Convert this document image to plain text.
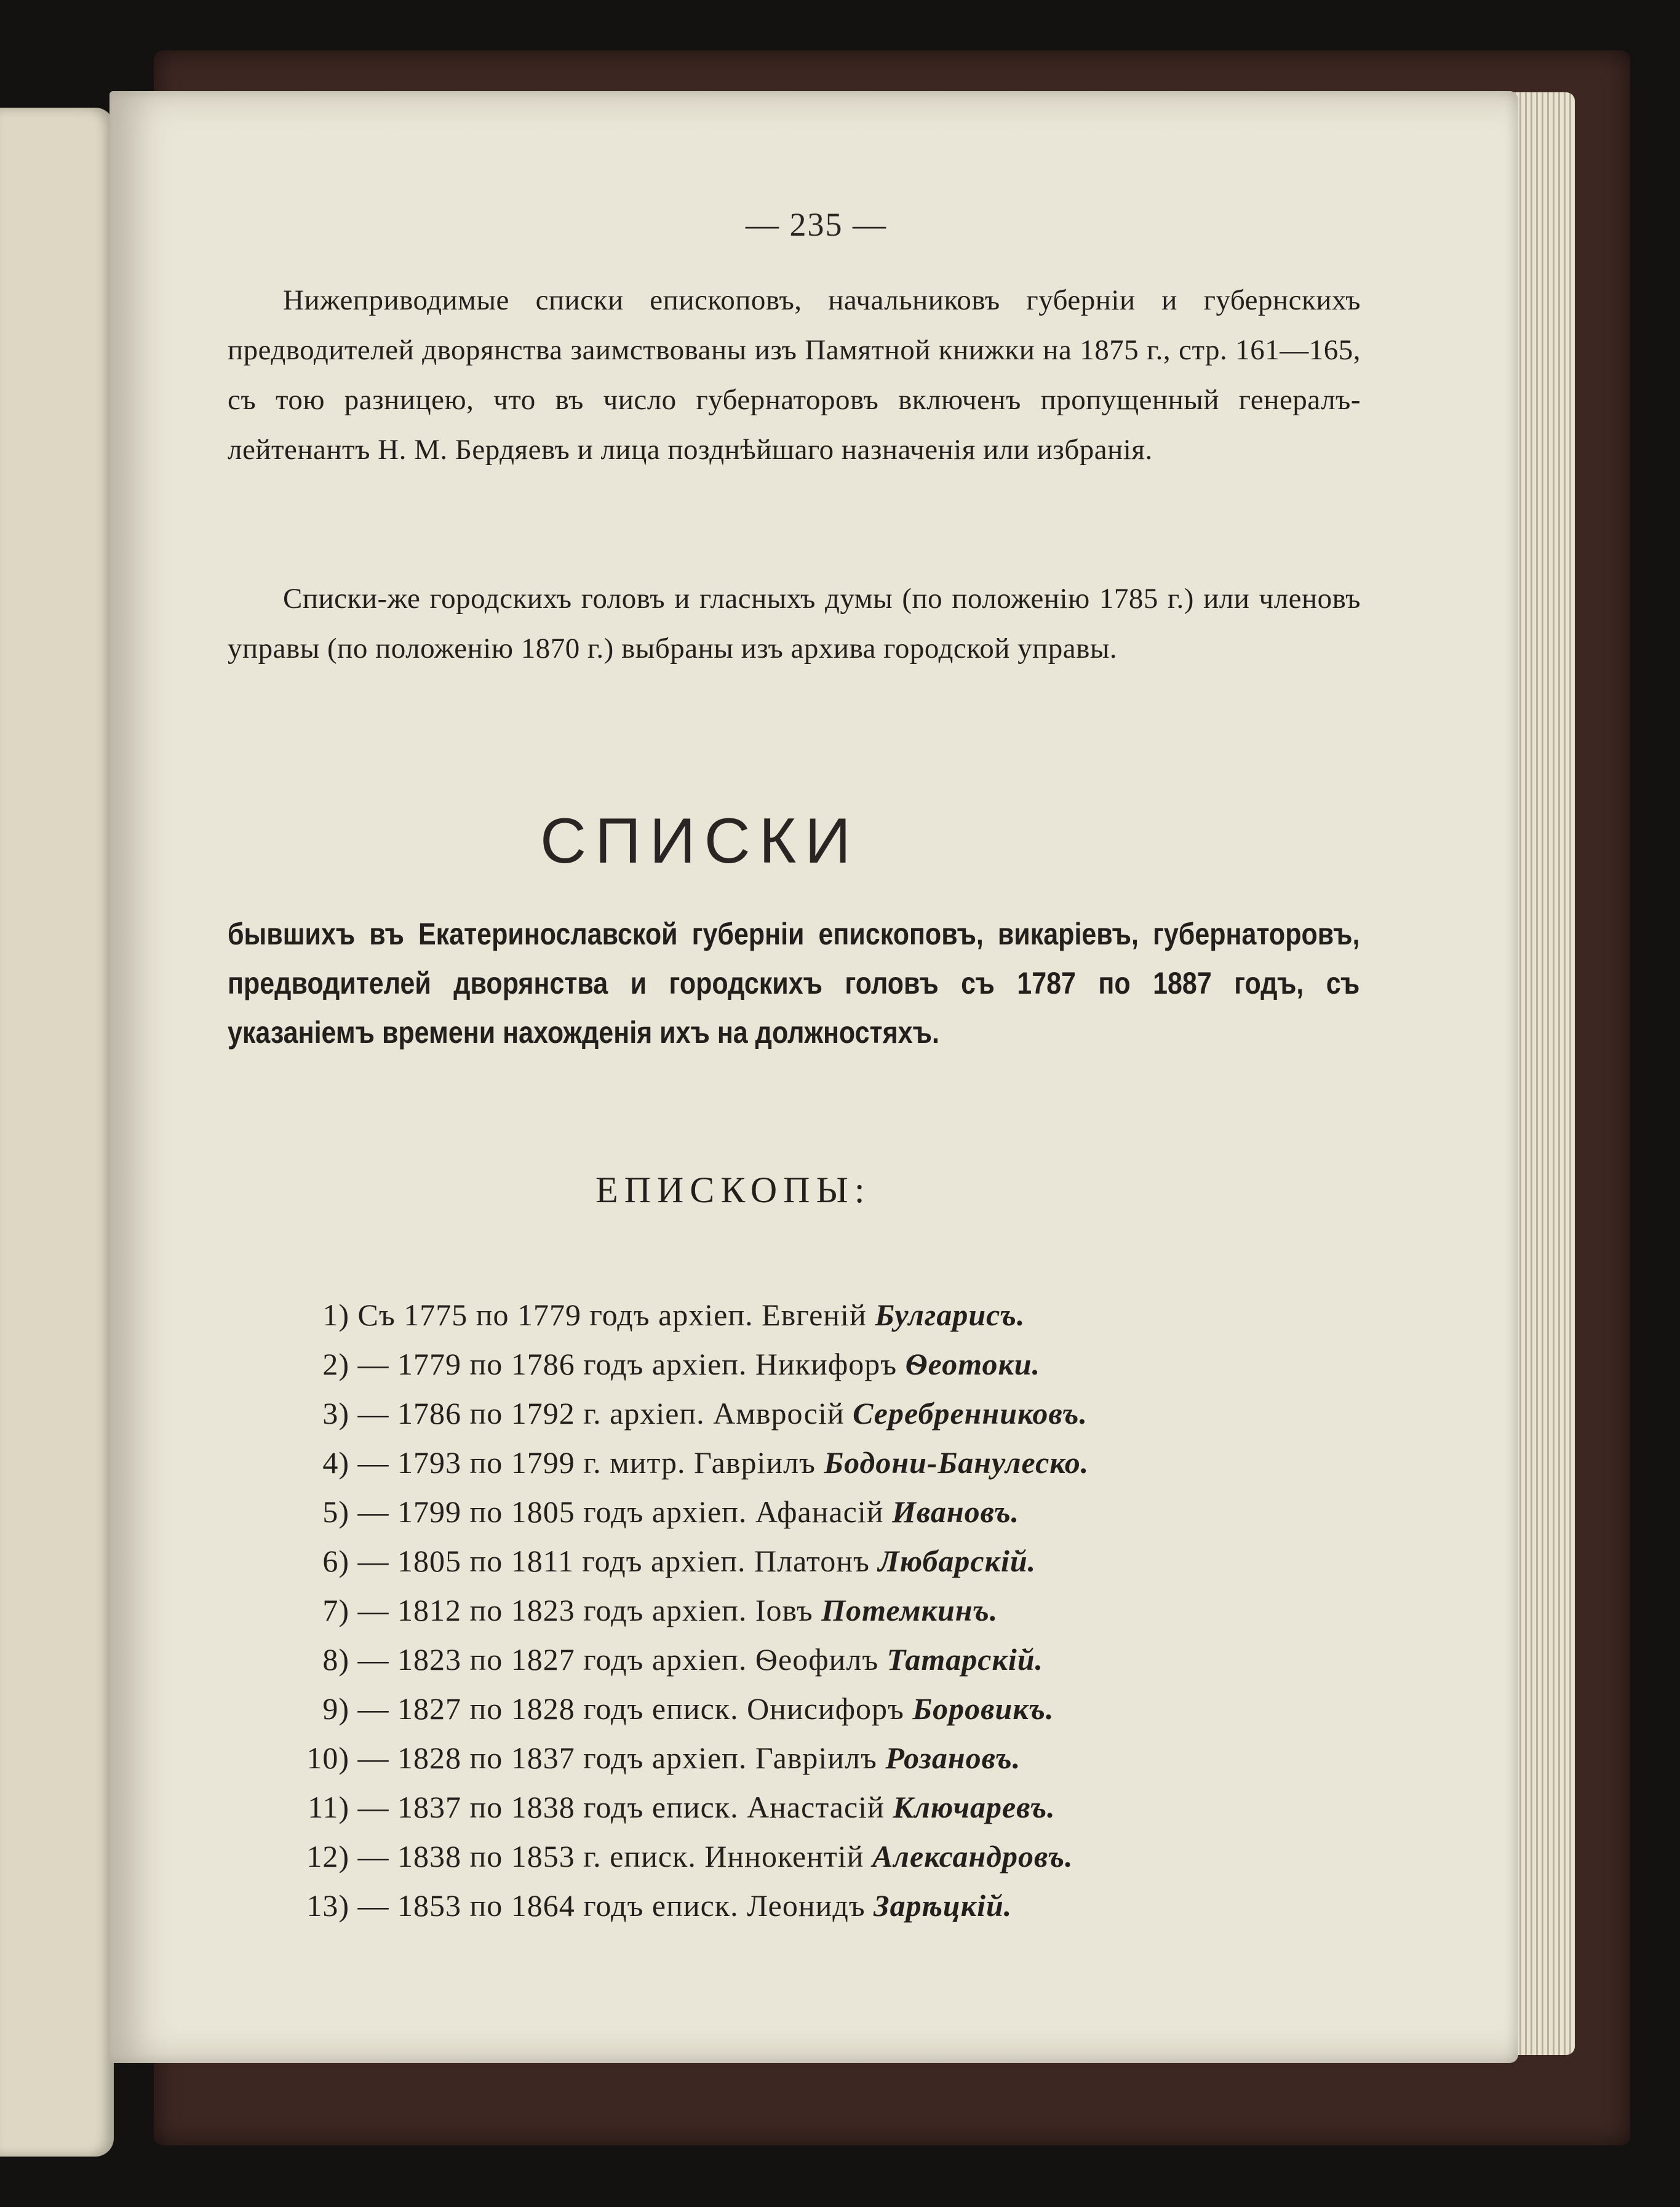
— 235 —
Нижеприводимые списки епископовъ, начальниковъ губерніи и губернскихъ предводителей дворянства заимствованы изъ Памятной книжки на 1875 г., стр. 161—165, съ тою разницею, что въ число губернаторовъ включенъ пропущенный генералъ-лейтенантъ Н. М. Бердяевъ и лица позднѣйшаго назначенія или избранія.
Списки-же городскихъ головъ и гласныхъ думы (по положенію 1785 г.) или членовъ управы (по положенію 1870 г.) выбраны изъ архива городской управы.
СПИСКИ
бывшихъ въ Екатеринославской губерніи епископовъ, викаріевъ, губернаторовъ, предводителей дворянства и городскихъ головъ съ 1787 по 1887 годъ, съ указаніемъ времени нахожденія ихъ на должностяхъ.
ЕПИСКОПЫ:
1) Съ 1775 по 1779 годъ архіеп. Евгеній Булгарисъ.
2) — 1779 по 1786 годъ архіеп. Никифоръ Ѳеотоки.
3) — 1786 по 1792 г. архіеп. Амвросій Серебренниковъ.
4) — 1793 по 1799 г. митр. Гавріилъ Бодони-Банулеско.
5) — 1799 по 1805 годъ архіеп. Афанасій Ивановъ.
6) — 1805 по 1811 годъ архіеп. Платонъ Любарскій.
7) — 1812 по 1823 годъ архіеп. Іовъ Потемкинъ.
8) — 1823 по 1827 годъ архіеп. Ѳеофилъ Татарскій.
9) — 1827 по 1828 годъ еписк. Онисифоръ Боровикъ.
10) — 1828 по 1837 годъ архіеп. Гавріилъ Розановъ.
11) — 1837 по 1838 годъ еписк. Анастасій Ключаревъ.
12) — 1838 по 1853 г. еписк. Иннокентій Александровъ.
13) — 1853 по 1864 годъ еписк. Леонидъ Зарѣцкій.
